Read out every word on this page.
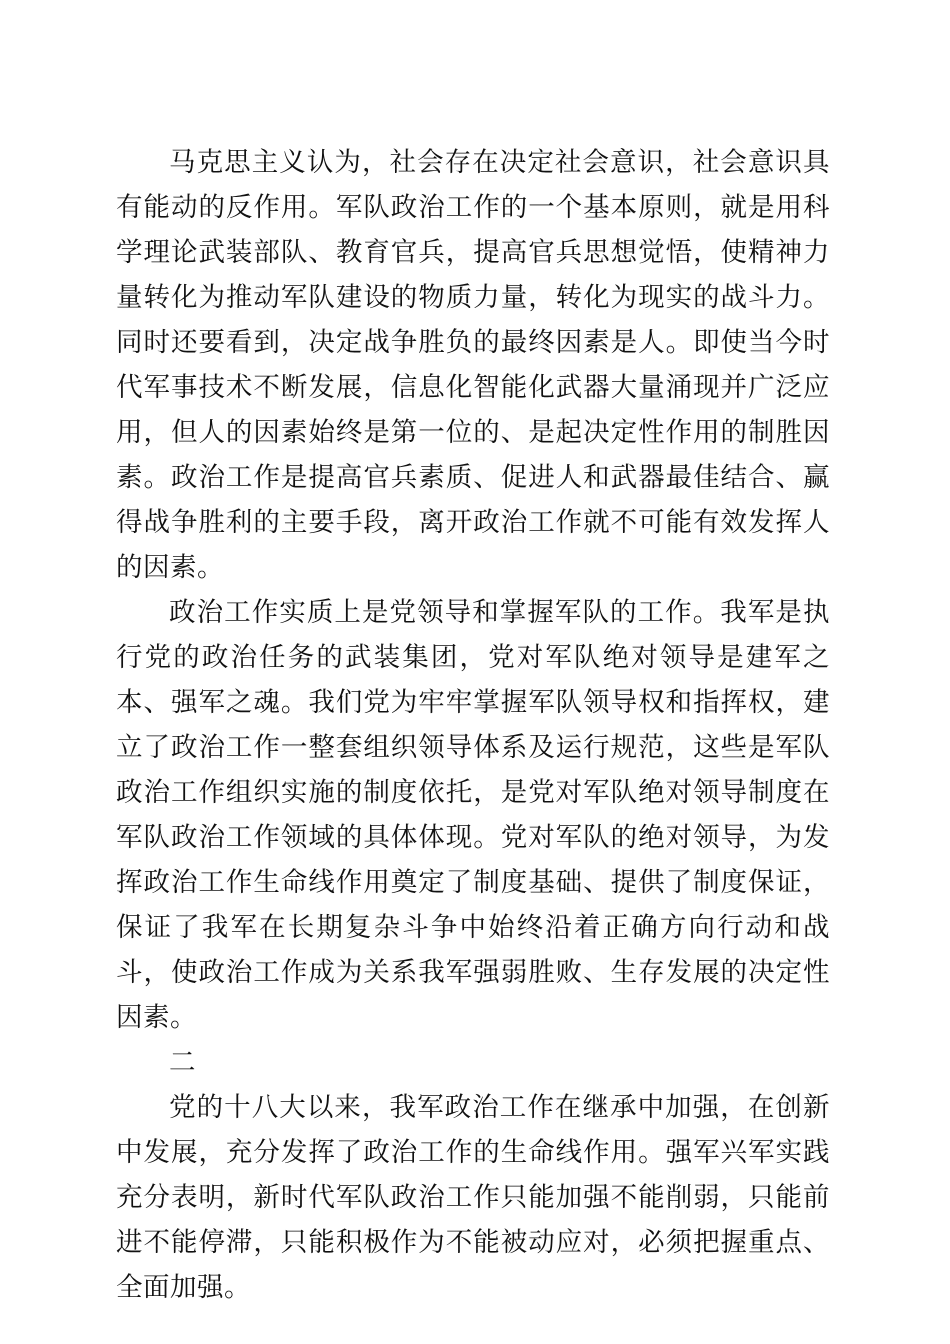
马克思主义认为，社会存在决定社会意识，社会意识具有能动的反作用。军队政治工作的一个基本原则，就是用科学理论武装部队、教育官兵，提高官兵思想觉悟，使精神力量转化为推动军队建设的物质力量，转化为现实的战斗力。同时还要看到，决定战争胜负的最终因素是人。即使当今时代军事技术不断发展，信息化智能化武器大量涌现并广泛应用，但人的因素始终是第一位的、是起决定性作用的制胜因素。政治工作是提高官兵素质、促进人和武器最佳结合、赢得战争胜利的主要手段，离开政治工作就不可能有效发挥人的因素。

政治工作实质上是党领导和掌握军队的工作。我军是执行党的政治任务的武装集团，党对军队绝对领导是建军之本、强军之魂。我们党为牢牢掌握军队领导权和指挥权，建立了政治工作一整套组织领导体系及运行规范，这些是军队政治工作组织实施的制度依托，是党对军队绝对领导制度在军队政治工作领域的具体体现。党对军队的绝对领导，为发挥政治工作生命线作用奠定了制度基础、提供了制度保证，保证了我军在长期复杂斗争中始终沿着正确方向行动和战斗，使政治工作成为关系我军强弱胜败、生存发展的决定性因素。

二

党的十八大以来，我军政治工作在继承中加强，在创新中发展，充分发挥了政治工作的生命线作用。强军兴军实践充分表明，新时代军队政治工作只能加强不能削弱，只能前进不能停滞，只能积极作为不能被动应对，必须把握重点、全面加强。
